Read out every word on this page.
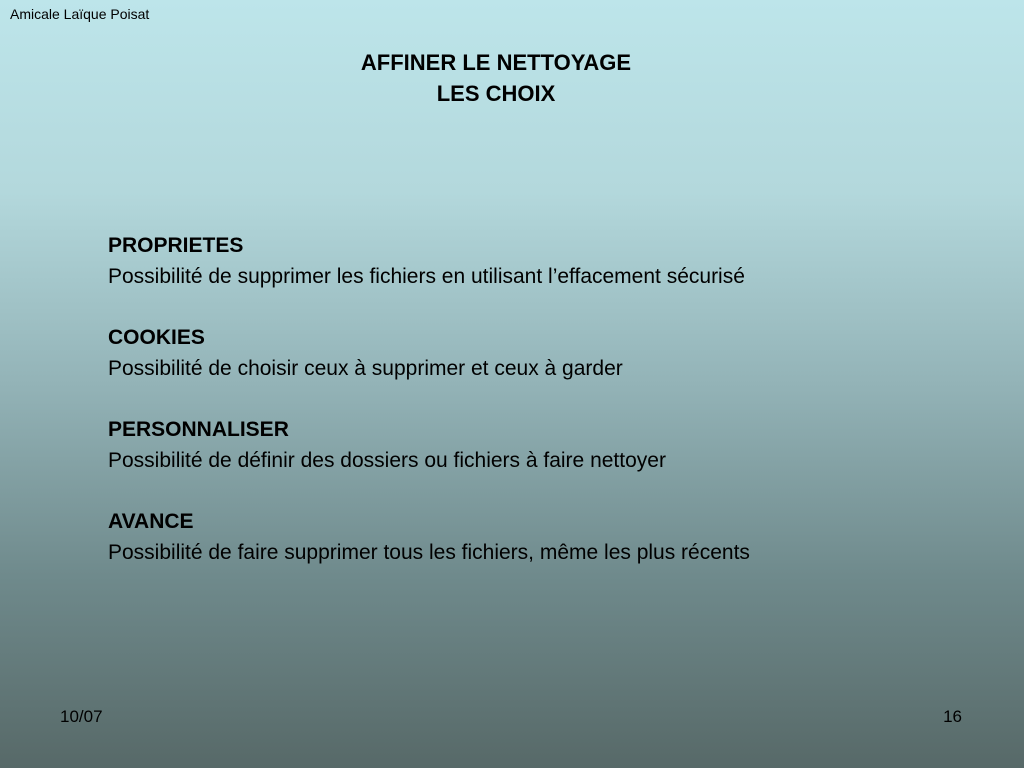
Amicale Laïque Poisat
AFFINER LE NETTOYAGE
LES CHOIX
PROPRIETES
Possibilité de supprimer les fichiers en utilisant l’effacement sécurisé
COOKIES
Possibilité de choisir ceux à supprimer et ceux à garder
PERSONNALISER
Possibilité de définir des dossiers ou fichiers à faire nettoyer
AVANCE
Possibilité de faire supprimer tous les fichiers, même les plus récents
10/07	16
